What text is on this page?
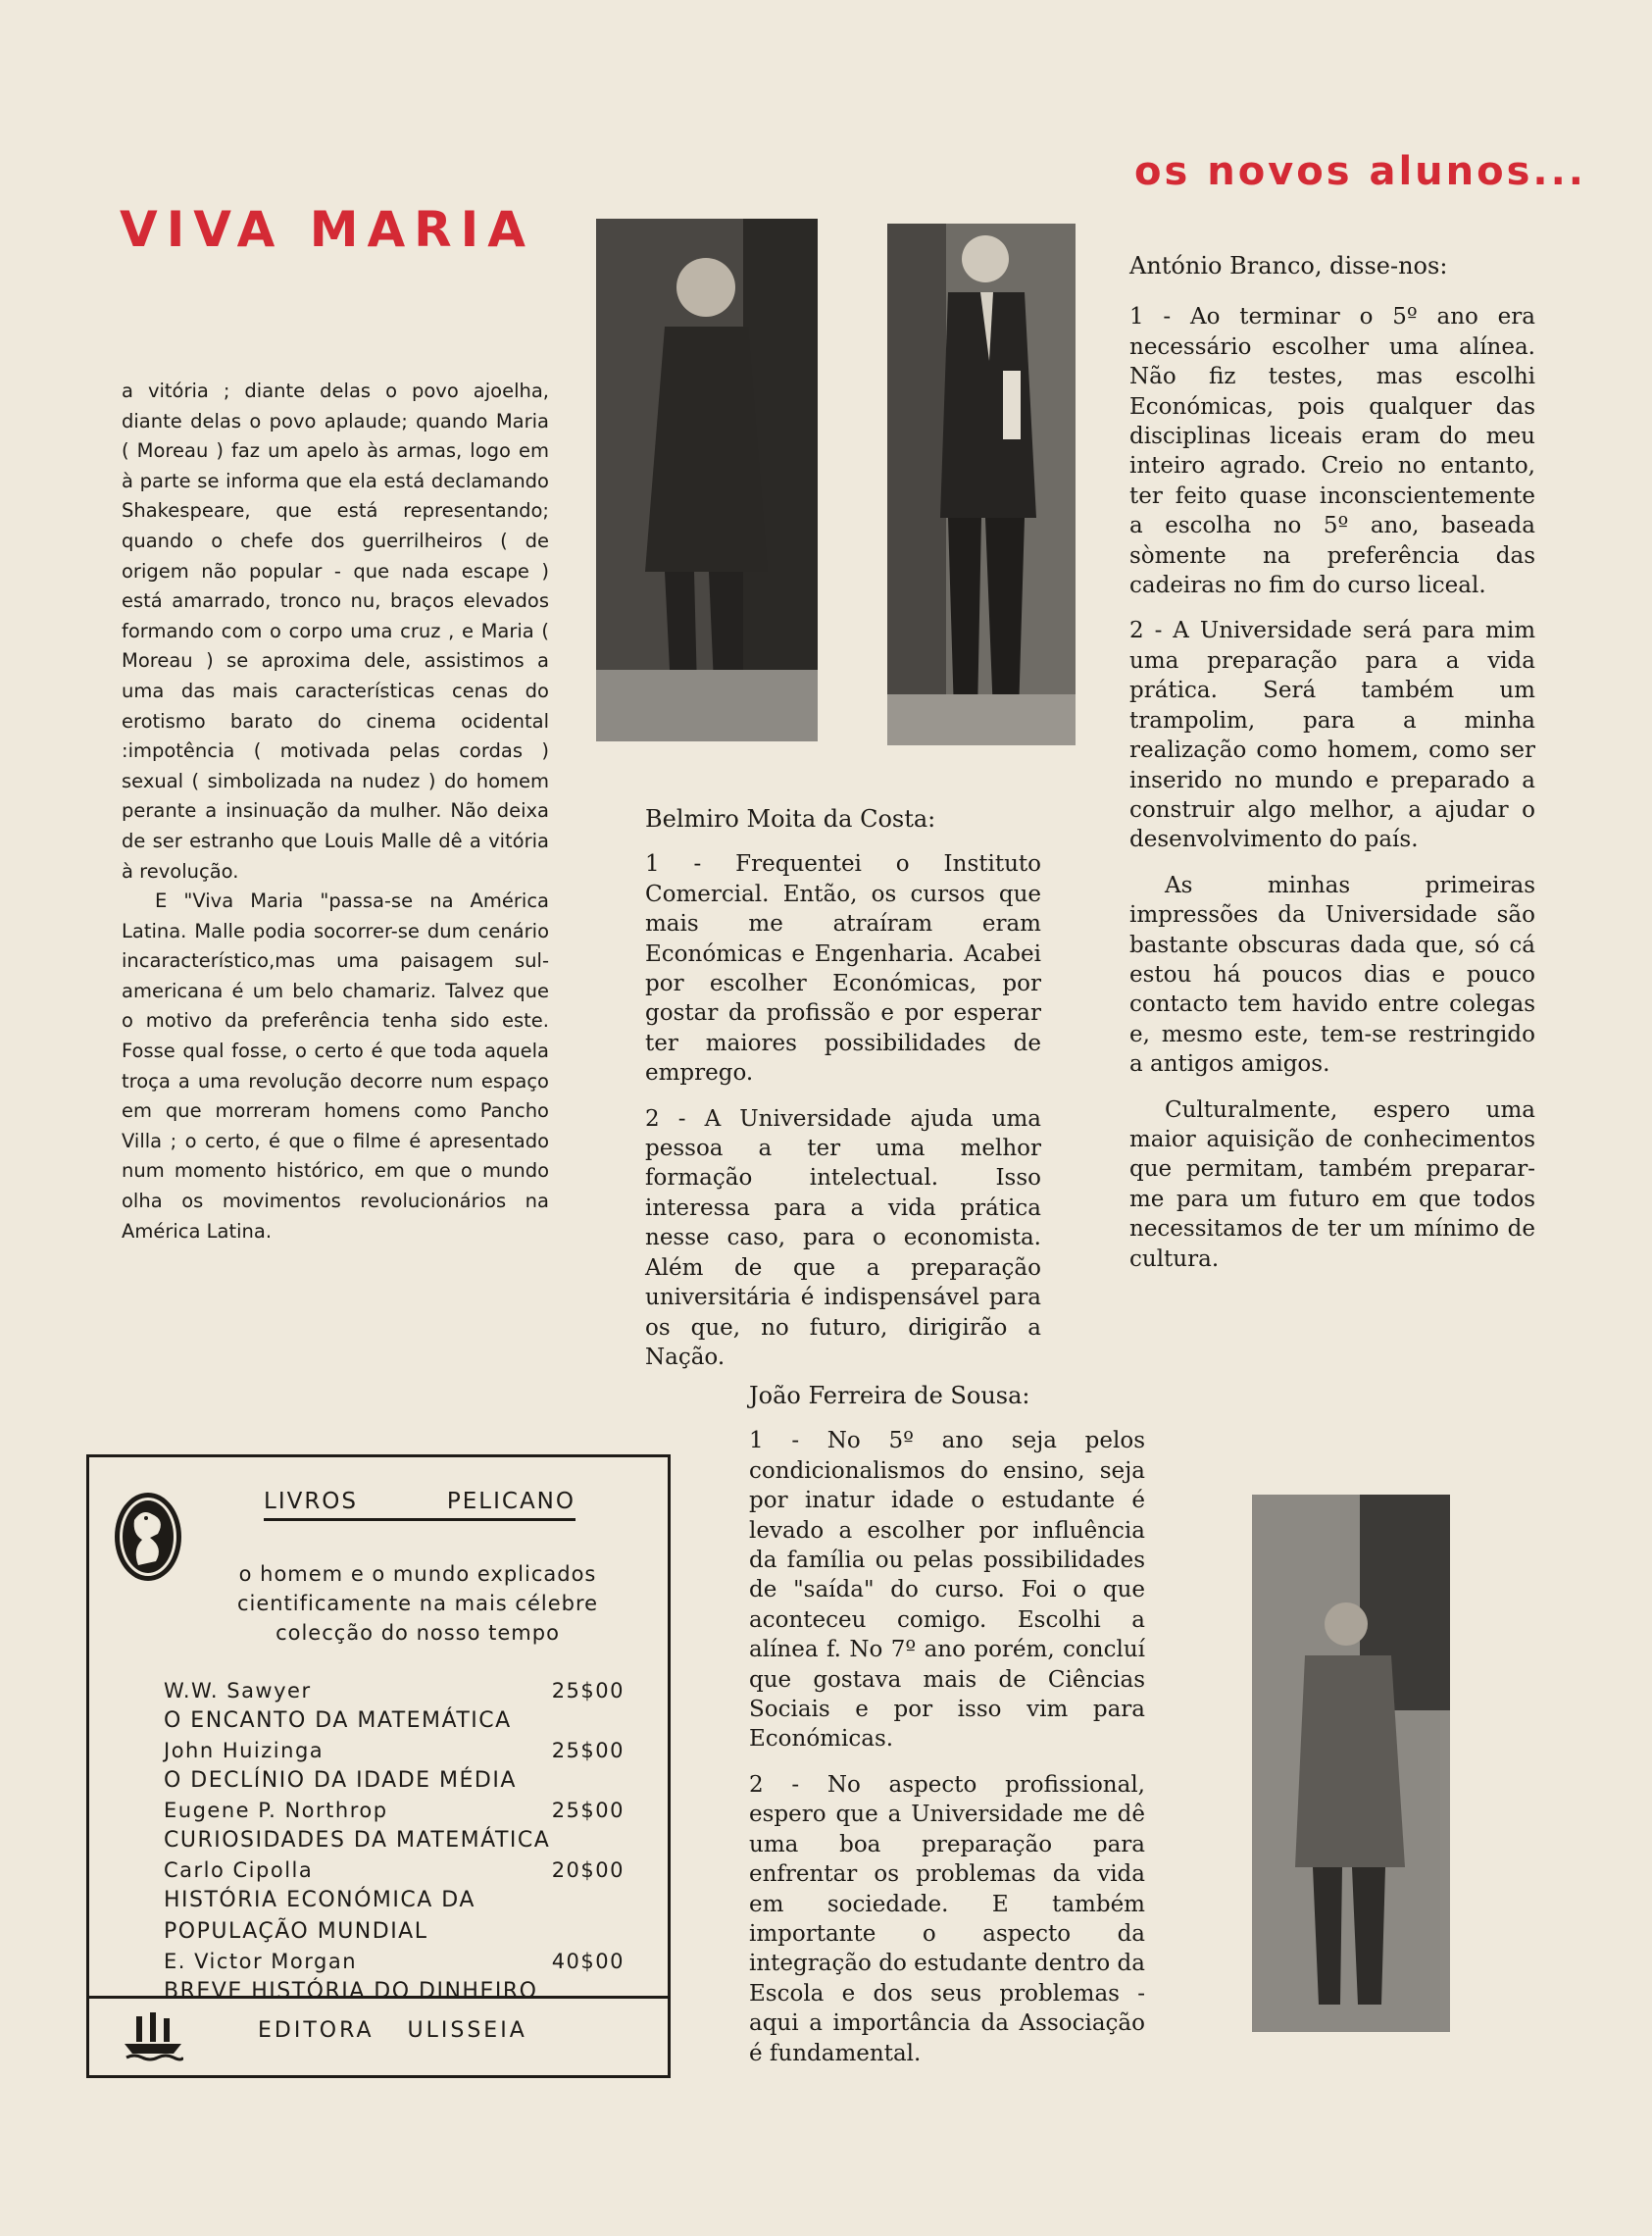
VIVA MARIA

a vitória ; diante delas o povo ajoelha, diante delas o povo aplaude; quando Maria ( Moreau ) faz um apelo às armas, logo em à parte se informa que ela está declamando Shakespeare, que está representando; quando o chefe dos guerrilheiros ( de origem não popular - que nada escape ) está amarrado, tronco nu, braços elevados formando com o corpo uma cruz , e Maria ( Moreau ) se aproxima dele, assistimos a uma das mais características cenas do erotismo barato do cinema ocidental :impotência ( motivada pelas cordas ) sexual ( simbolizada na nudez ) do homem perante a insinuação da mulher. Não deixa de ser estranho que Louis Malle dê a vitória à revolução.

E "Viva Maria "passa-se na América Latina. Malle podia socorrer-se dum cenário incaracterístico,mas uma paisagem sul-americana é um belo chamariz. Talvez que o motivo da preferência tenha sido este. Fosse qual fosse, o certo é que toda aquela troça a uma revolução decorre num espaço em que morreram homens como Pancho Villa ; o certo, é que o filme é apresentado num momento histórico, em que o mundo olha os movimentos revolucionários na América Latina.

Belmiro Moita da Costa:

1 - Frequentei o Instituto Comercial. Então, os cursos que mais me atraíram eram Económicas e Engenharia. Acabei por escolher Económicas, por gostar da profissão e por esperar ter maiores possibilidades de emprego.

2 - A Universidade ajuda uma pessoa a ter uma melhor formação intelectual. Isso interessa para a vida prática nesse caso, para o economista. Além de que a preparação universitária é indispensável para os que, no futuro, dirigirão a Nação.

os novos alunos...

António Branco, disse-nos:

1 - Ao terminar o 5º ano era necessário escolher uma alínea. Não fiz testes, mas escolhi Económicas, pois qualquer das disciplinas liceais eram do meu inteiro agrado. Creio no entanto, ter feito quase inconscientemente a escolha no 5º ano, baseada sòmente na preferência das cadeiras no fim do curso liceal.

2 - A Universidade será para mim uma preparação para a vida prática. Será também um trampolim, para a minha realização como homem, como ser inserido no mundo e preparado a construir algo melhor, a ajudar o desenvolvimento do país.

As minhas primeiras impressões da Universidade são bastante obscuras dada que, só cá estou há poucos dias e pouco contacto tem havido entre colegas e, mesmo este, tem-se restringido a antigos amigos.

Culturalmente, espero uma maior aquisição de conhecimentos que permitam, também preparar-me para um futuro em que todos necessitamos de ter um mínimo de cultura.

João Ferreira de Sousa:

1 - No 5º ano seja pelos condicionalismos do ensino, seja por inatur idade o estudante é levado a escolher por influência da família ou pelas possibilidades de "saída" do curso. Foi o que aconteceu comigo. Escolhi a alínea f. No 7º ano porém, concluí que gostava mais de Ciências Sociais e por isso vim para Económicas.

2 - No aspecto profissional, espero que a Universidade me dê uma boa preparação para enfrentar os problemas da vida em sociedade. E também importante o aspecto da integração do estudante dentro da Escola e dos seus problemas - aqui a importância da Associação é fundamental.

LIVROS	PELICANO
o homem e o mundo explicados cientificamente na mais célebre colecção do nosso tempo
W.W. Sawyer	25$00
O ENCANTO DA MATEMÁTICA
John Huizinga	25$00
O DECLÍNIO DA IDADE MÉDIA
Eugene P. Northrop	25$00
CURIOSIDADES DA MATEMÁTICA
Carlo Cipolla	20$00
HISTÓRIA ECONÓMICA DA POPULAÇÃO MUNDIAL
E. Victor Morgan	40$00
BREVE HISTÓRIA DO DINHEIRO
EDITORA ULISSEIA
